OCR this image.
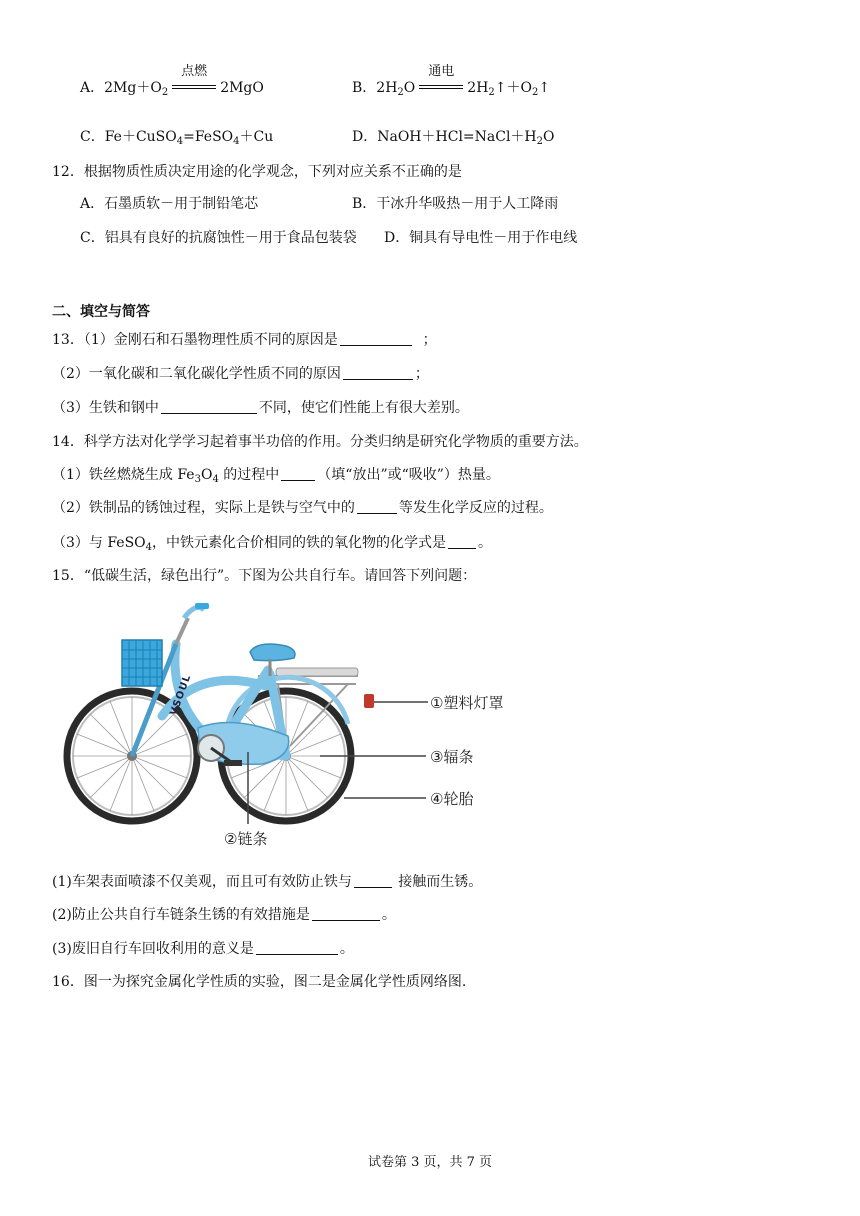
A．$2Mg+O_2$
点燃
2MgO	B．$2H_2O$
通电
$2H_2↑+O_2↑$
C．Fe＋CuSO$_4$=FeSO$_4$＋Cu	D．$NaOH+HCl=NaCl+H_2O$
12．根据物质性质决定用途的化学观念，下列对应关系不正确的是
A．石墨质软－用于制铅笔芯	B．干冰升华吸热－用于人工降雨
C．铝具有良好的抗腐蚀性－用于食品包装袋 D．铜具有导电性－用于作电线
二、填空与简答
13．（1）金刚石和石墨物理性质不同的原因是	；
（2）一氧化碳和二氧化碳化学性质不同的原因	；
（3）生铁和钢中	不同，使它们性能上有很大差别。
14．科学方法对化学学习起着事半功倍的作用。分类归纳是研究化学物质的重要方法。
（1）铁丝燃烧生成 $Fe_3O_4$ 的过程中	（填“放出”或“吸收”）热量。
（2）铁制品的锈蚀过程，实际上是铁与空气中的	等发生化学反应的过程。
（3）与 FeSO$_4$，中铁元素化合价相同的铁的氧化物的化学式是 。
15．“低碳生活，绿色出行”。下图为公共自行车。请回答下列问题：
VSOUL	①塑料灯罩
③辐条
④轮胎
②链条
(1)车架表面喷漆不仅美观，而且可有效防止铁与	接触而生锈。
(2)防止公共自行车链条生锈的有效措施是	。
(3)废旧自行车回收利用的意义是	。
16．图一为探究金属化学性质的实验，图二是金属化学性质网络图.
试卷第 3 页，共 7 页
